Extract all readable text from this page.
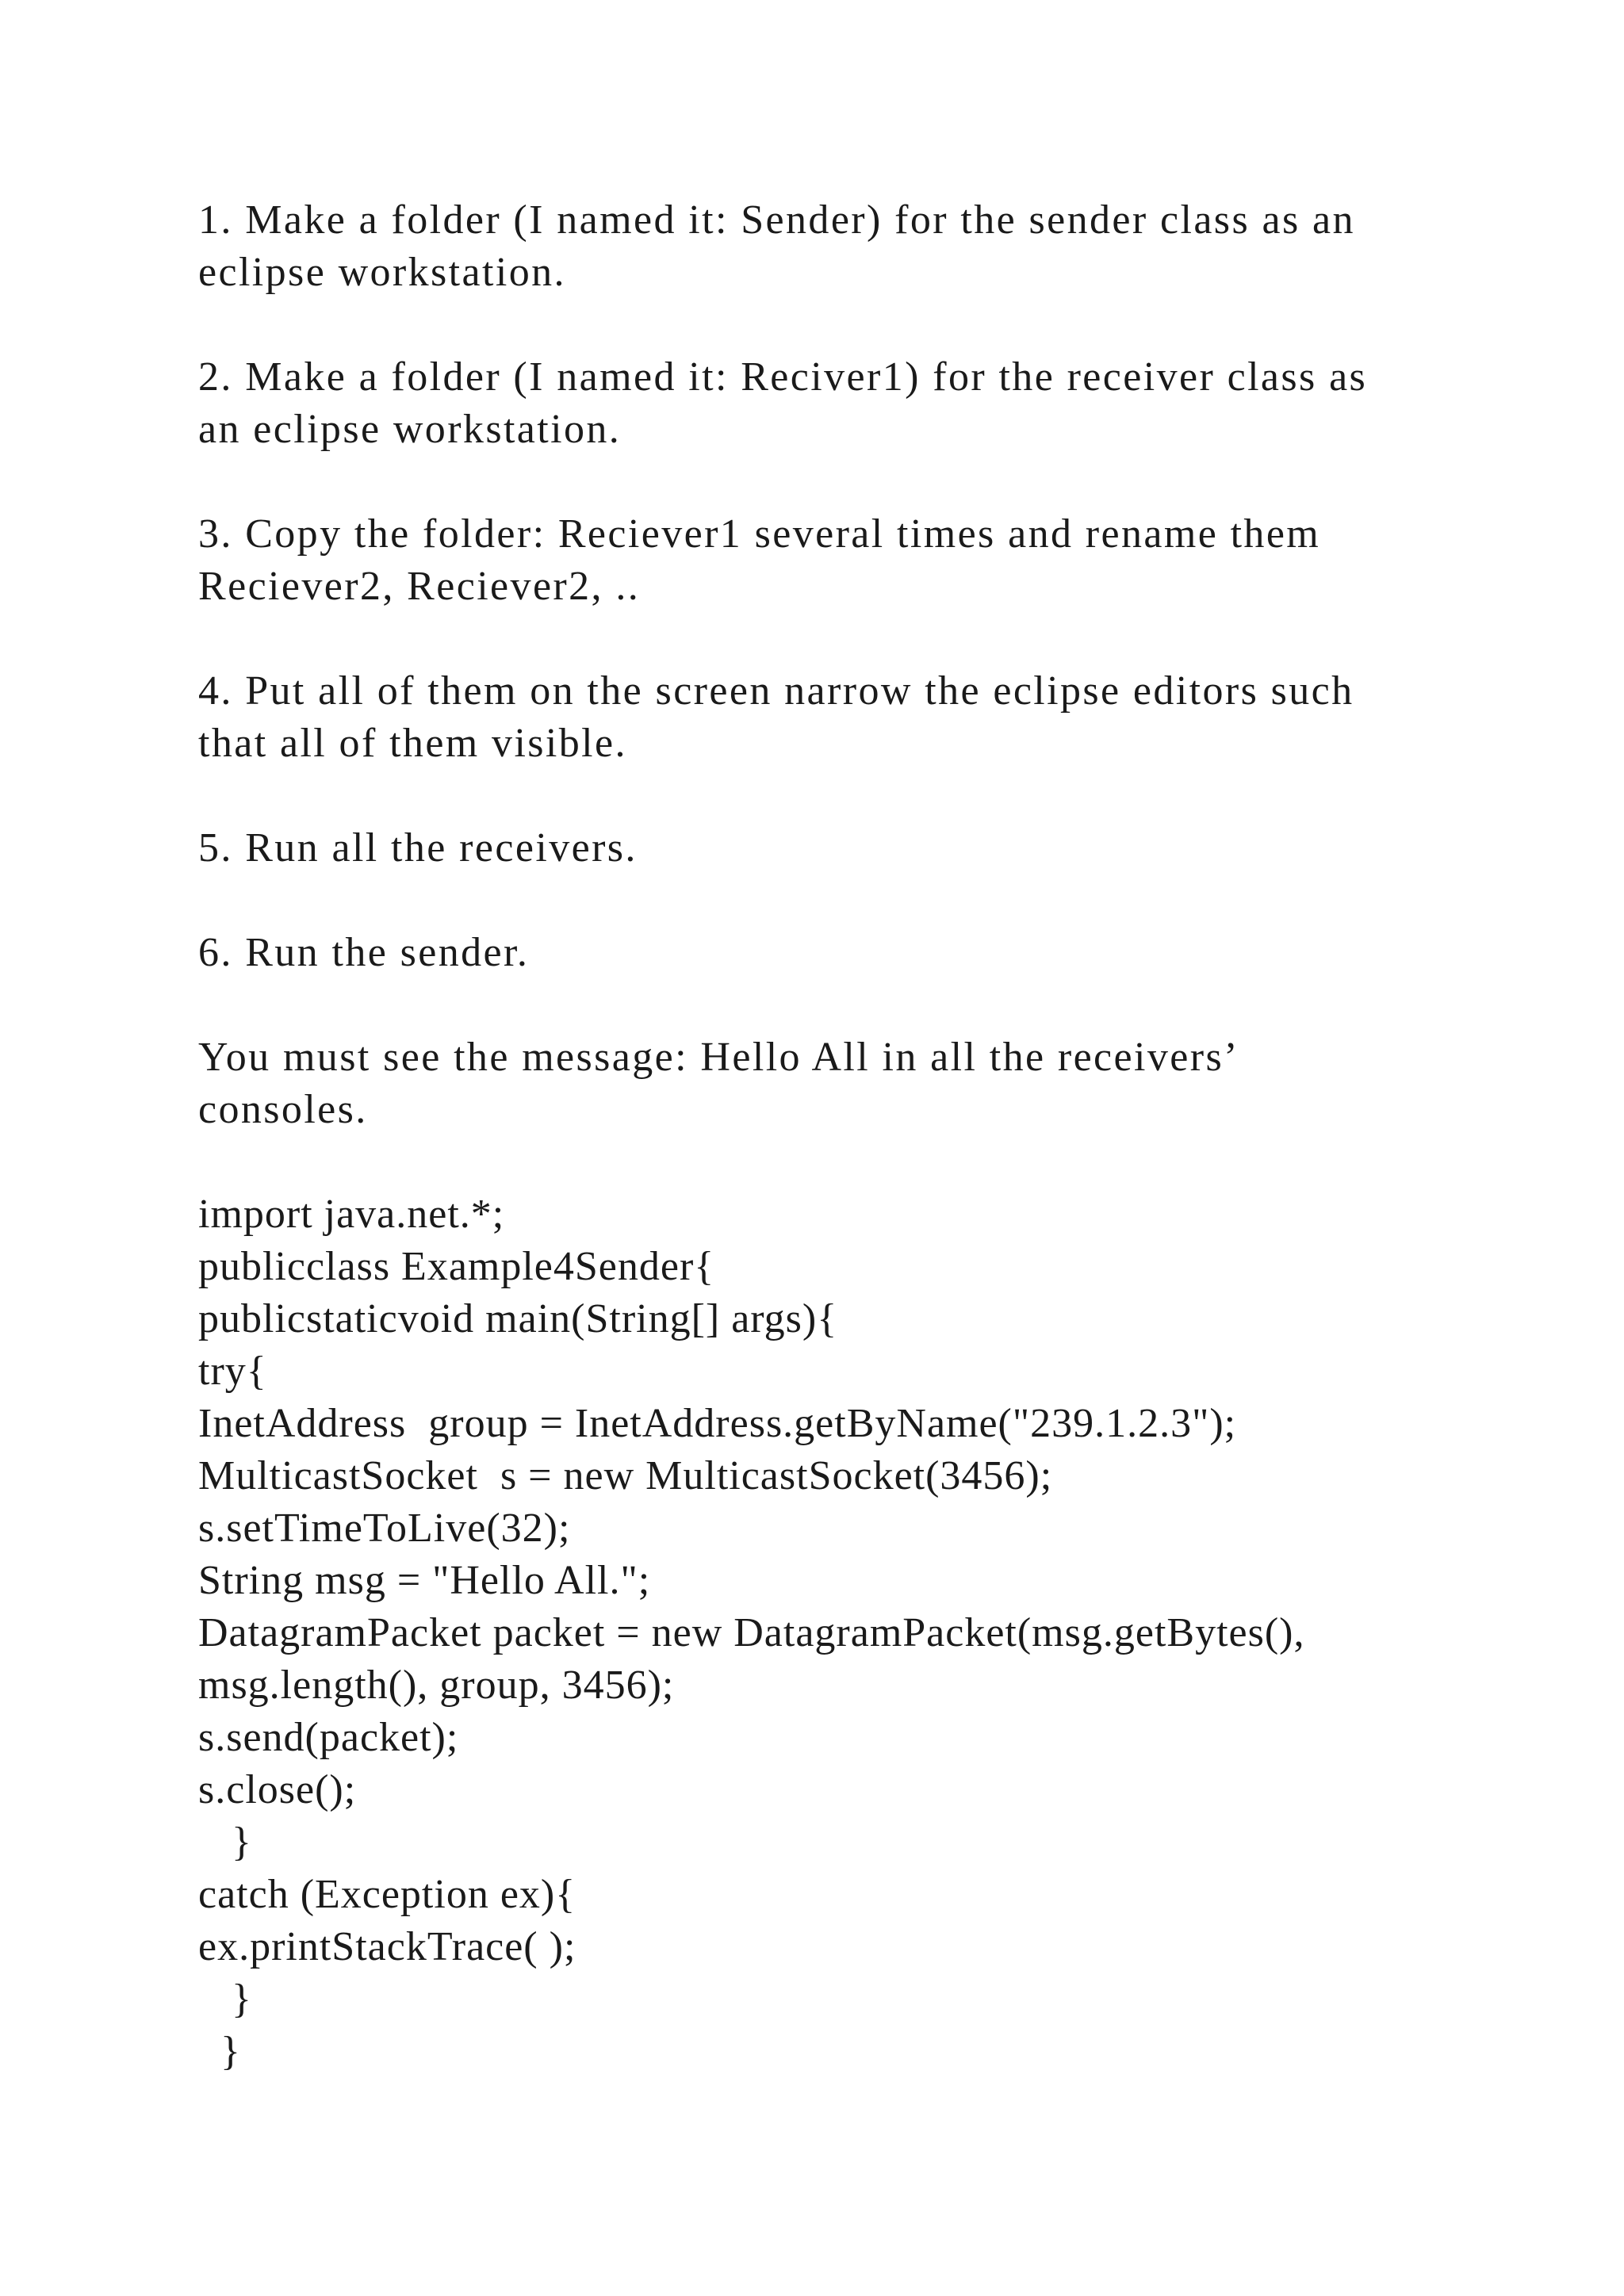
1. Make a folder (I named it: Sender) for the sender class as an

eclipse workstation.

2. Make a folder (I named it: Reciver1) for the receiver class as

an eclipse workstation.

3. Copy the folder: Reciever1 several times and rename them

Reciever2, Reciever2, ..

4. Put all of them on the screen narrow the eclipse editors such

that all of them visible.

5. Run all the receivers.

6. Run the sender.

You must see the message: Hello All in all the receivers’

consoles.

import java.net.*;

publicclass Example4Sender{

publicstaticvoid main(String[] args){

try{

InetAddress  group = InetAddress.getByName("239.1.2.3");

MulticastSocket  s = new MulticastSocket(3456);

s.setTimeToLive(32);

String msg = "Hello All.";

DatagramPacket packet = new DatagramPacket(msg.getBytes(),

msg.length(), group, 3456);

s.send(packet);

s.close();

}

catch (Exception ex){

ex.printStackTrace( );

}

}
